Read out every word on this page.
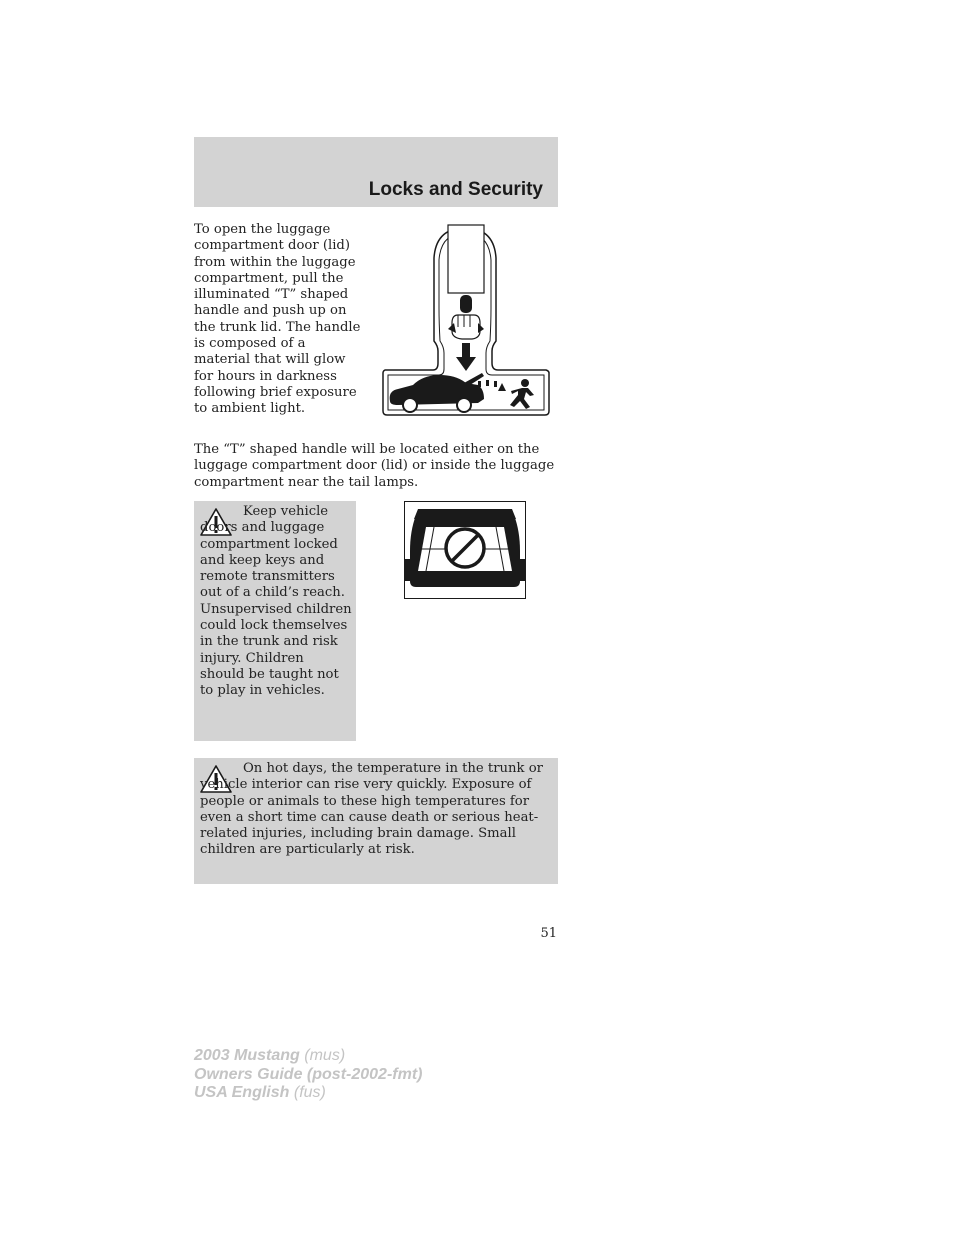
Locks and Security

To open the luggage compartment door (lid) from within the luggage compartment, pull the illuminated “T” shaped handle and push up on the trunk lid. The handle is composed of a material that will glow for hours in darkness following brief exposure to ambient light.

The “T” shaped handle will be located either on the luggage compartment door (lid) or inside the luggage compartment near the tail lamps.

Keep vehicle doors and luggage compartment locked and keep keys and remote transmitters out of a child’s reach. Unsupervised children could lock themselves in the trunk and risk injury. Children should be taught not to play in vehicles.

On hot days, the temperature in the trunk or vehicle interior can rise very quickly. Exposure of people or animals to these high temperatures for even a short time can cause death or serious heat-related injuries, including brain damage. Small children are particularly at risk.

51
2003 Mustang (mus)
Owners Guide (post-2002-fmt)
USA English (fus)
